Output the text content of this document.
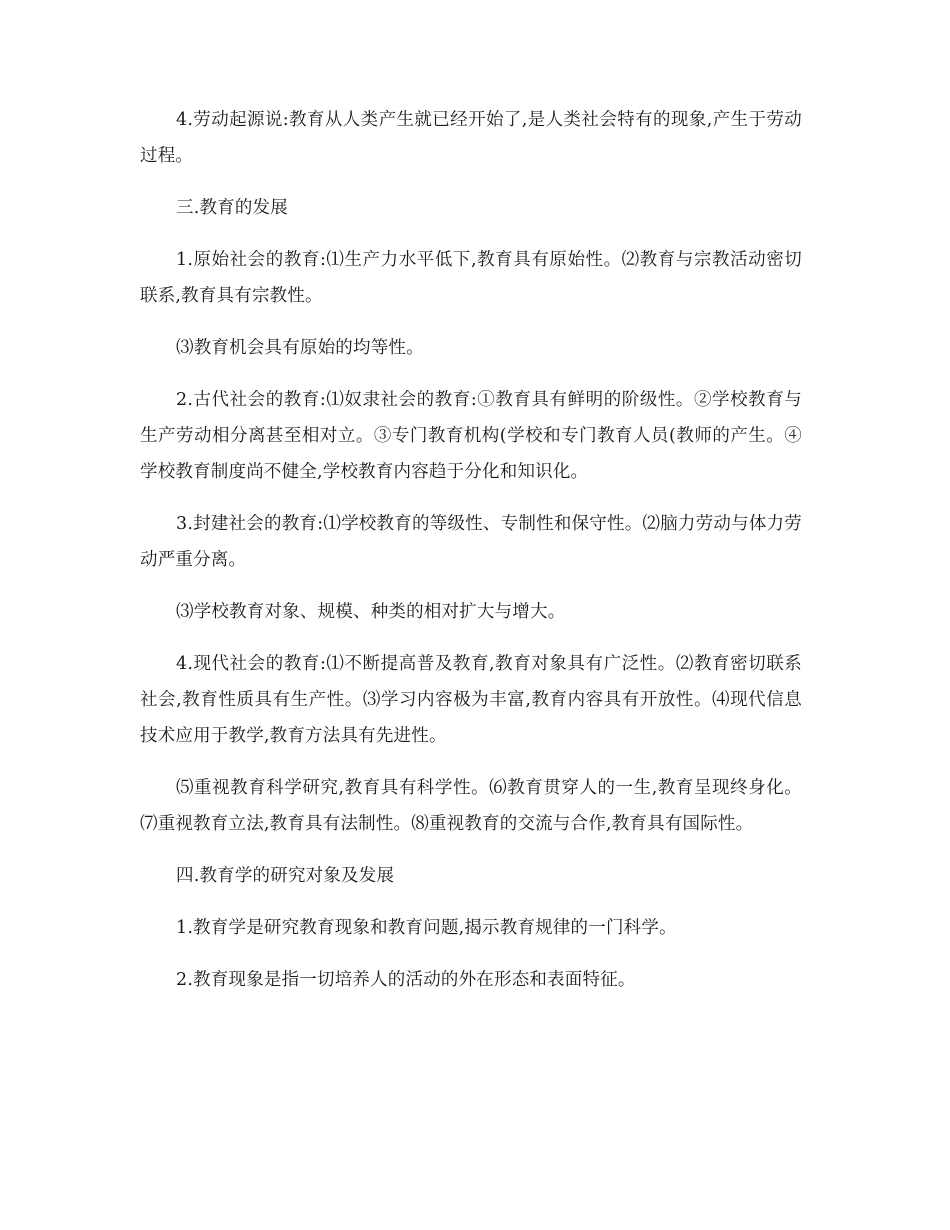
4.劳动起源说:教育从人类产生就已经开始了,是人类社会特有的现象,产生于劳动过程。

三.教育的发展

1.原始社会的教育:⑴生产力水平低下,教育具有原始性。⑵教育与宗教活动密切联系,教育具有宗教性。

⑶教育机会具有原始的均等性。

2.古代社会的教育:⑴奴隶社会的教育:①教育具有鲜明的阶级性。②学校教育与生产劳动相分离甚至相对立。③专门教育机构(学校和专门教育人员(教师的产生。④学校教育制度尚不健全,学校教育内容趋于分化和知识化。

3.封建社会的教育:⑴学校教育的等级性、专制性和保守性。⑵脑力劳动与体力劳动严重分离。

⑶学校教育对象、规模、种类的相对扩大与增大。

4.现代社会的教育:⑴不断提高普及教育,教育对象具有广泛性。⑵教育密切联系社会,教育性质具有生产性。⑶学习内容极为丰富,教育内容具有开放性。⑷现代信息技术应用于教学,教育方法具有先进性。

⑸重视教育科学研究,教育具有科学性。⑹教育贯穿人的一生,教育呈现终身化。⑺重视教育立法,教育具有法制性。⑻重视教育的交流与合作,教育具有国际性。

四.教育学的研究对象及发展

1.教育学是研究教育现象和教育问题,揭示教育规律的一门科学。

2.教育现象是指一切培养人的活动的外在形态和表面特征。
